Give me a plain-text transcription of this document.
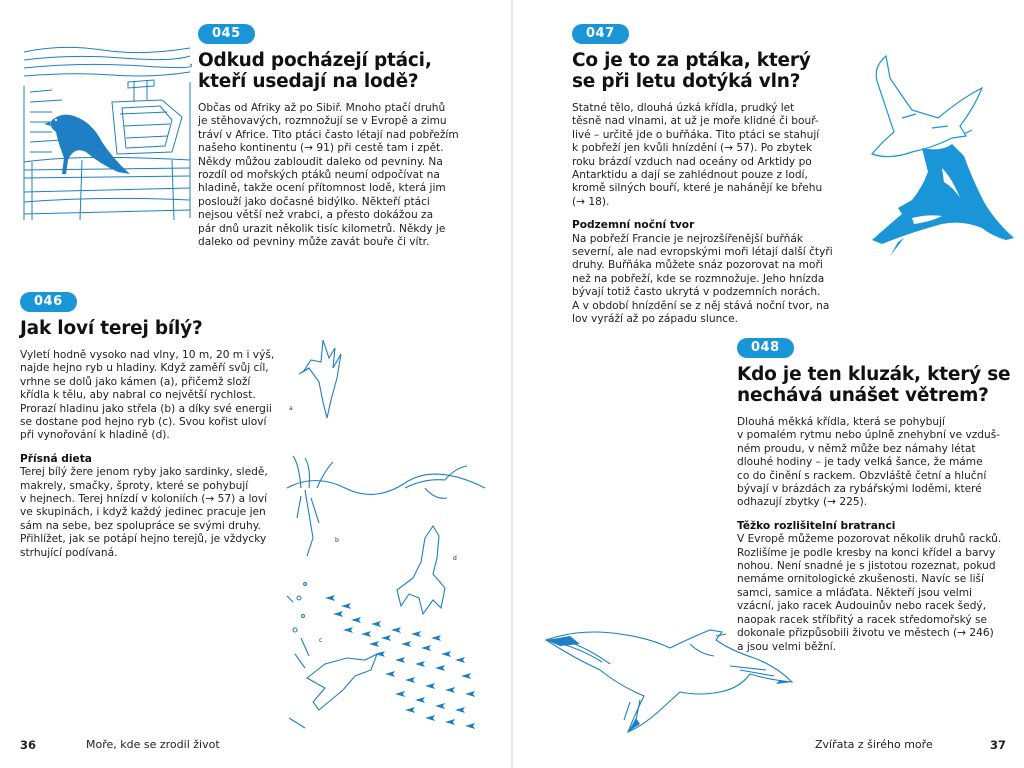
045
Odkud pocházejí ptáci,
kteří usedají na lodě?
Občas od Afriky až po Sibiř. Mnoho ptačí druhů
je stěhovavých, rozmnožují se v Evropě a zimu
tráví v Africe. Tito ptáci často létají nad pobřežím
našeho kontinentu (→ 91) při cestě tam i zpět.
Někdy můžou zabloudit daleko od pevniny. Na
rozdíl od mořských ptáků neumí odpočívat na
hladině, takže ocení přítomnost lodě, která jim
poslouží jako dočasné bidýlko. Někteří ptáci
nejsou větší než vrabci, a přesto dokážou za
pár dnů urazit několik tisíc kilometrů. Někdy je
daleko od pevniny může zavát bouře či vítr.
046
Jak loví terej bílý?
Vyletí hodně vysoko nad vlny, 10 m, 20 m i výš,
najde hejno ryb u hladiny. Když zaměří svůj cíl,
vrhne se dolů jako kámen (a), přičemž složí
křídla k tělu, aby nabral co největší rychlost.
Prorazí hladinu jako střela (b) a díky své energii
se dostane pod hejno ryb (c). Svou kořist uloví
při vynořování k hladině (d).
Přísná dieta
Terej bílý žere jenom ryby jako sardinky, sledě,
makrely, smačky, šproty, které se pohybují
v hejnech. Terej hnízdí v koloniích (→ 57) a loví
ve skupinách, i když každý jedinec pracuje jen
sám na sebe, bez spolupráce se svými druhy.
Přihlížet, jak se potápí hejno terejů, je vždycky
strhující podívaná.
a
b
c
d
047
Co je to za ptáka, který
se při letu dotýká vln?
Statné tělo, dlouhá úzká křídla, prudký let
těsně nad vlnami, at už je moře klidné či bouř-
livé – určitě jde o buřňáka. Tito ptáci se stahují
k pobřeží jen kvůli hnízdění (→ 57). Po zbytek
roku brázdí vzduch nad oceány od Arktidy po
Antarktidu a dají se zahlédnout pouze z lodí,
kromě silných bouří, které je nahánějí ke břehu
(→ 18).
Podzemní noční tvor
Na pobřeží Francie je nejrozšířenější buřňák
severní, ale nad evropskými moři létají další čtyři
druhy. Buřňáka můžete snáz pozorovat na moři
než na pobřeží, kde se rozmnožuje. Jeho hnízda
bývají totiž často ukrytá v podzemních norách.
A v období hnízdění se z něj stává noční tvor, na
lov vyráží až po západu slunce.
048
Kdo je ten kluzák, který se
nechává unášet větrem?
Dlouhá měkká křídla, která se pohybují
v pomalém rytmu nebo úplně znehybní ve vzduš-
ném proudu, v němž může bez námahy létat
dlouhé hodiny – je tady velká šance, že máme
co do činění s rackem. Obzvláště četní a hluční
bývají v brázdách za rybářskými loděmi, které
odhazují zbytky (→ 225).
Těžko rozlišitelní bratranci
V Evropě můžeme pozorovat několik druhů racků.
Rozlišíme je podle kresby na konci křídel a barvy
nohou. Není snadné je s jistotou rozeznat, pokud
nemáme ornitologické zkušenosti. Navíc se liší
samci, samice a mláďata. Někteří jsou velmi
vzácní, jako racek Audouinův nebo racek šedý,
naopak racek stříbřitý a racek středomořský se
dokonale přizpůsobili životu ve městech (→ 246)
a jsou velmi běžní.
36	Moře, kde se zrodil život	Zvířata z širého moře	37
